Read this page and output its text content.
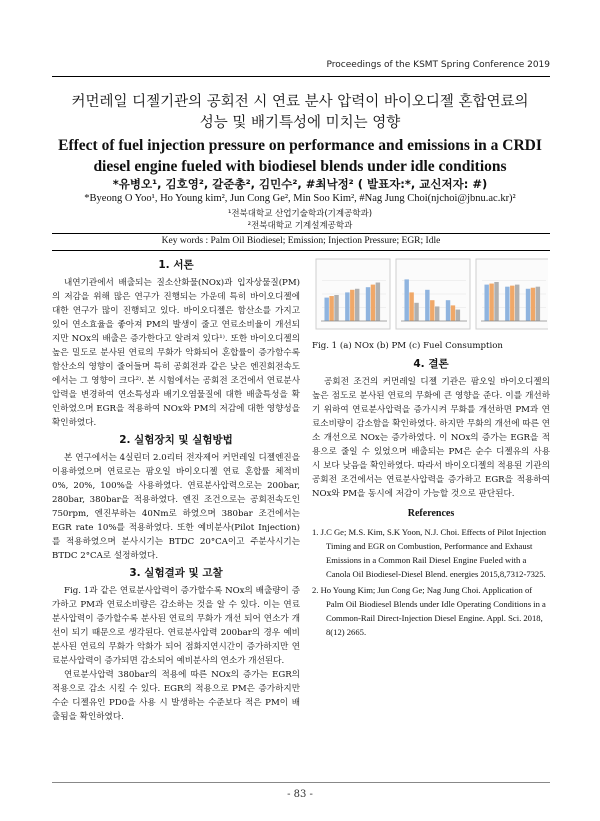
Proceedings of the KSMT Spring Conference 2019
커먼레일 디젤기관의 공회전 시 연료 분사 압력이 바이오디젤 혼합연료의
성능 및 배기특성에 미치는 영향
Effect of fuel injection pressure on performance and emissions in a CRDI
diesel engine fueled with biodiesel blends under idle conditions
*유병오¹, 김호영², 갈준총², 김민수², #최낙정² ( 발표자:*, 교신저자: #)
*Byeong O Yoo¹, Ho Young kim², Jun Cong Ge², Min Soo Kim², #Nag Jung Choi(njchoi@jbnu.ac.kr)²
¹전북대학교 산업기술학과(기계공학과)
²전북대학교 기계설계공학과
Key words : Palm Oil Biodiesel; Emission; Injection Pressure; EGR; Idle
1. 서론

내연기관에서 배출되는 질소산화물(NOx)과 입자상물질(PM)의 저감을 위해 많은 연구가 진행되는 가운데 특히 바이오디젤에 대한 연구가 많이 진행되고 있다. 바이오디젤은 함산소를 가지고 있어 연소효율을 좋아져 PM의 발생이 줄고 연료소비율이 개선되지만 NOx의 배출은 증가한다고 알려져 있다¹⁾. 또한 바이오디젤의 높은 밀도로 분사된 연료의 무화가 악화되어 혼합률이 증가함수록 함산소의 영향이 줄어들며 특히 공회전과 같은 낮은 엔진회전속도에서는 그 영향이 크다²⁾. 본 시험에서는 공회전 조건에서 연료분사압력을 변경하여 연소특성과 배기오염물질에 대한 배출특성을 확인하였으며 EGR을 적용하여 NOx와 PM의 저감에 대한 영향성을 확인하였다.

2. 실험장치 및 실험방법

본 연구에서는 4실린더 2.0리터 전자제어 커먼레일 디젤엔진을 이용하였으며 연료로는 팜오일 바이오디젤 연료 혼합률 체적비 0%, 20%, 100%을 사용하였다. 연료분사압력으로는 200bar, 280bar, 380bar을 적용하였다. 엔진 조건으로는 공회전속도인 750rpm, 엔진부하는 40Nm로 하였으며 380bar 조건에서는 EGR rate 10%를 적용하였다. 또한 예비분사(Pilot Injection)를 적용하였으며 분사시기는 BTDC 20°CA이고 주분사시기는 BTDC 2°CA로 설정하였다.

3. 실험결과 및 고찰

Fig. 1과 같은 연료분사압력이 증가할수록 NOx의 배출량이 증가하고 PM과 연료소비량은 감소하는 것을 알 수 있다. 이는 연료분사압력이 증가할수록 분사된 연료의 무화가 개선 되어 연소가 개선이 되기 때문으로 생각된다. 연료분사압력 200bar의 경우 예비분사된 연료의 무화가 악화가 되어 점화지연시간이 증가하지만 연료분사압력이 증가되면 감소되어 예비분사의 연소가 개선된다.

연료분사압력 380bar의 적용에 따른 NOx의 증가는 EGR의 적용으로 감소 시킬 수 있다. EGR의 적용으로 PM은 증가하지만 수순 디젤유인 PD0을 사용 시 발생하는 수준보다 적은 PM이 배출됨을 확인하였다.

Fig. 1 (a) NOx (b) PM (c) Fuel Consumption

4. 결론

공회전 조건의 커먼레일 디젤 기관은 팜오일 바이오디젤의 높은 점도로 분사된 연료의 무화에 큰 영향을 준다. 이를 개선하기 위하여 연료분사압력을 증가시켜 무화를 개선하면 PM과 연료소비량이 감소함을 확인하였다. 하지만 무화의 개선에 따른 연소 개선으로 NOx는 증가하였다. 이 NOx의 증가는 EGR을 적용으로 줄일 수 있었으며 배출되는 PM은 순수 디젤유의 사용 시 보다 낮음을 확인하였다. 따라서 바이오디젤의 적용된 기관의 공회전 조건에서는 연료분사압력을 증가하고 EGR을 적용하여 NOx와 PM을 동시에 저감이 가능할 것으로 판단된다.

References
1. J.C Ge; M.S. Kim, S.K Yoon, N.J. Choi. Effects of Pilot Injection Timing and EGR on Combustion, Performance and Exhaust Emissions in a Common Rail Diesel Engine Fueled with a Canola Oil Biodiesel-Diesel Blend. energies 2015,8,7312-7325.
2. Ho Young Kim; Jun Cong Ge; Nag Jung Choi. Application of Palm Oil Biodiesel Blends under Idle Operating Conditions in a Common-Rail Direct-Injection Diesel Engine. Appl. Sci. 2018, 8(12) 2665.
- 83 -
